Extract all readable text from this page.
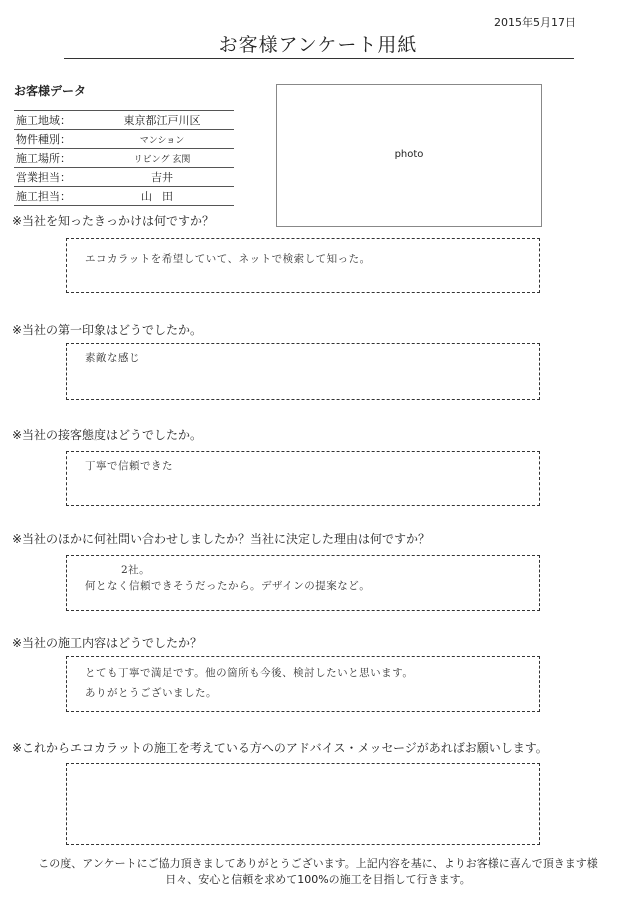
2015年5月17日
お客様アンケート用紙
お客様データ
施工地域：	東京都江戸川区
物件種別：	マンション
施工場所：	リビング 玄関
営業担当：	吉井
施工担当：	山田
photo
※当社を知ったきっかけは何ですか？
エコカラットを希望していて、ネットで検索して知った。
※当社の第一印象はどうでしたか。
素敵な感じ
※当社の接客態度はどうでしたか。
丁寧で信頼できた
※当社のほかに何社問い合わせしましたか？当社に決定した理由は何ですか？
2社。
何となく信頼できそうだったから。デザインの提案など。
※当社の施工内容はどうでしたか？
とても丁寧で満足です。他の箇所も今後、検討したいと思います。
ありがとうございました。
※これからエコカラットの施工を考えている方へのアドバイス・メッセージがあればお願いします。
この度、アンケートにご協力頂きましてありがとうございます。上記内容を基に、よりお客様に喜んで頂きます様
日々、安心と信頼を求めて100%の施工を目指して行きます。
